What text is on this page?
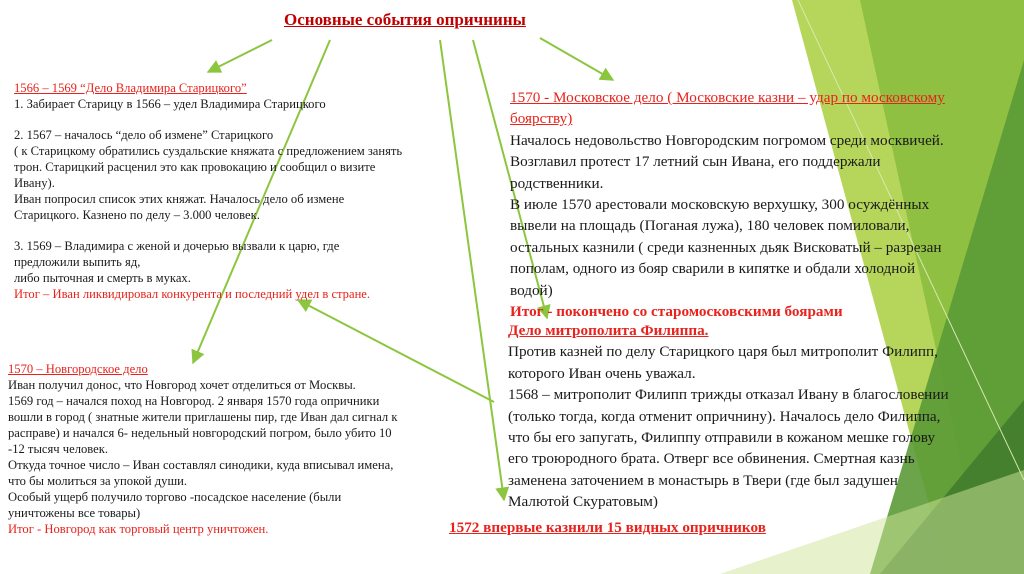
Основные события опричнины

1566 – 1569 “Дело Владимира Старицкого”

1. Забирает Старицу в 1566 – удел Владимира Старицкого

2. 1567 – началось “дело об измене” Старицкого

( к Старицкому обратились суздальские княжата с предложением занять

трон. Старицкий расценил это как провокацию и сообщил о визите

Ивану).

Иван попросил список этих княжат. Началось дело об измене

Старицкого. Казнено по делу – 3.000 человек.

3. 1569 – Владимира с женой и дочерью вызвали к царю, где

предложили выпить яд,

либо пыточная и смерть в муках.

Итог – Иван ликвидировал конкурента и последний удел в стране.

1570 – Новгородское дело

Иван получил донос, что Новгород хочет отделиться от Москвы.

1569 год – начался поход на Новгород. 2 января 1570 года опричники

вошли в город ( знатные жители приглашены пир, где Иван дал сигнал к

расправе) и начался 6- недельный новгородский погром, было убито 10

-12 тысяч человек.

Откуда точное число – Иван составлял синодики, куда вписывал имена,

что бы молиться за упокой души.

Особый ущерб получило торгово -посадское население (были

уничтожены все товары)

Итог - Новгород как торговый центр уничтожен.

1570 - Московское дело ( Московские казни – удар по московскому

боярству)

Началось недовольство Новгородским погромом среди москвичей.

Возглавил протест 17 летний сын Ивана, его поддержали

родственники.

В июле 1570 арестовали московскую верхушку, 300 осуждённых

вывели на площадь (Поганая лужа), 180 человек помиловали,

остальных казнили ( среди казненных дьяк Висковатый – разрезан

пополам, одного из бояр сварили в кипятке и обдали холодной

водой)

Итог - покончено со старомосковскими боярами

Дело митрополита Филиппа.

Против казней по делу Старицкого царя был митрополит Филипп,

которого Иван очень уважал.

1568 – митрополит Филипп трижды отказал Ивану в благословении

(только тогда, когда отменит опричнину). Началось дело Филиппа,

что бы его запугать, Филиппу отправили в кожаном мешке голову

его троюродного брата. Отверг все обвинения. Смертная казнь

заменена заточением в монастырь в Твери (где был задушен

Малютой Скуратовым)

1572 впервые казнили 15 видных опричников
